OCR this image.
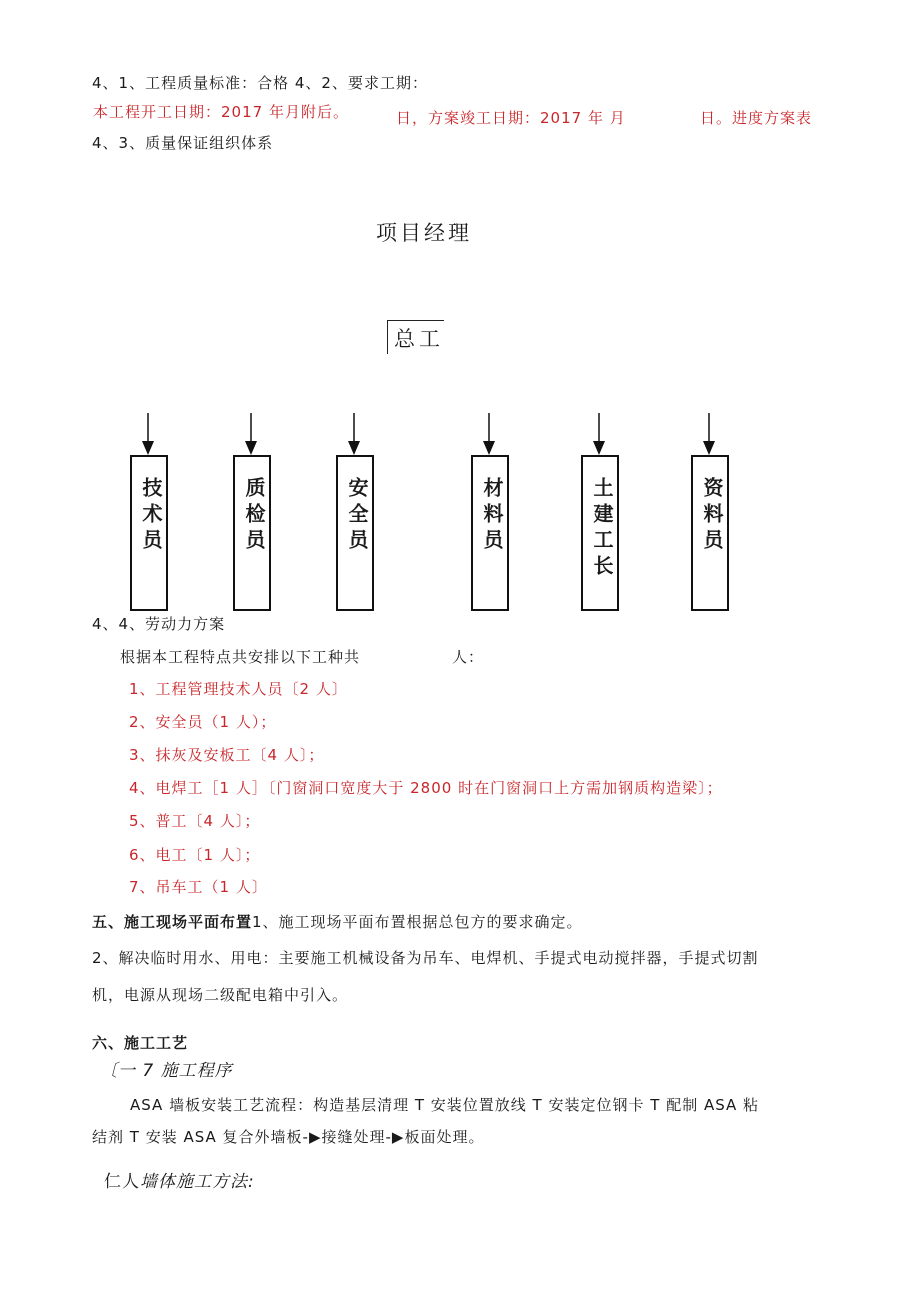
4、1、工程质量标准：合格 4、2、要求工期：
本工程开工日期：2017 年月附后。	日，方案竣工日期：2017 年 月	日。进度方案表
4、3、质量保证组织体系
项目经理
总工
技术员	质检员	安全员	材料员	土建工长	资料员
4、4、劳动力方案
根据本工程特点共安排以下工种共	人：
1、工程管理技术人员〔2 人〕
2、安全员（1 人）；
3、抹灰及安板工〔4 人〕；
4、电焊工［1 人］〔门窗洞口宽度大于 2800 时在门窗洞口上方需加钢质构造梁〕；
5、普工〔4 人〕；
6、电工〔1 人〕；
7、吊车工（1 人〕
五、施工现场平面布置1、施工现场平面布置根据总包方的要求确定。
2、解决临时用水、用电：主要施工机械设备为吊车、电焊机、手提式电动搅拌器，手提式切割
机，电源从现场二级配电箱中引入。
六、施工工艺
〔一 7 施工程序
ASA 墙板安装工艺流程：构造基层清理 T 安装位置放线 T 安装定位钢卡 T 配制 ASA 粘
结剂 T 安装 ASA 复合外墙板-▶接缝处理-▶板面处理。
仁人墙体施工方法:
